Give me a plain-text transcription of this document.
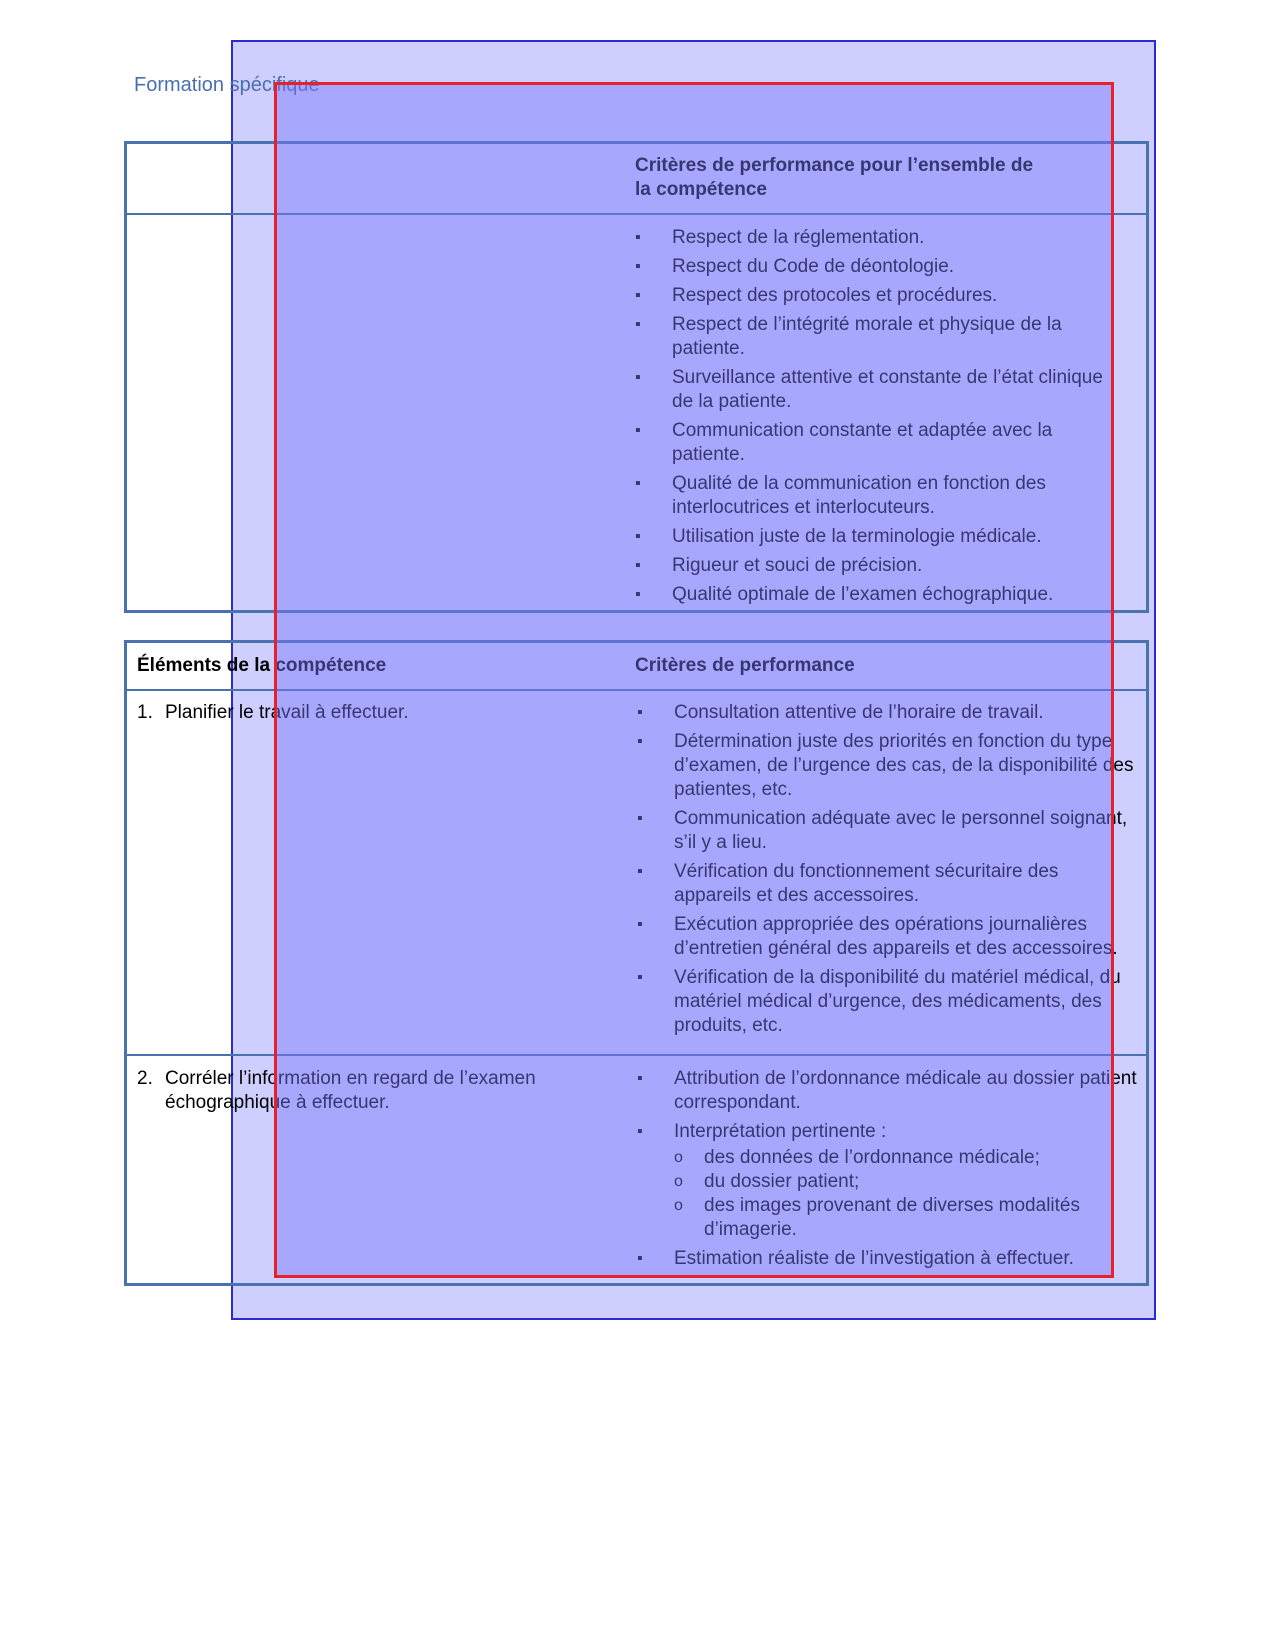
Formation spécifique
Critères de performance pour l’ensemble de la compétence
▪ Respect de la réglementation.
▪ Respect du Code de déontologie.
▪ Respect des protocoles et procédures.
▪ Respect de l’intégrité morale et physique de la patiente.
▪ Surveillance attentive et constante de l’état clinique de la patiente.
▪ Communication constante et adaptée avec la patiente.
▪ Qualité de la communication en fonction des interlocutrices et interlocuteurs.
▪ Utilisation juste de la terminologie médicale.
▪ Rigueur et souci de précision.
▪ Qualité optimale de l’examen échographique.
Éléments de la compétence	Critères de performance
1. Planifier le travail à effectuer.
▪	Consultation attentive de l’horaire de travail.
▪ Détermination juste des priorités en fonction du type d’examen, de l’urgence des cas, de la disponibilité des patientes, etc.
▪ Communication adéquate avec le personnel soignant, s’il y a lieu.
▪ Vérification du fonctionnement sécuritaire des appareils et des accessoires.
▪ Exécution appropriée des opérations journalières d’entretien général des appareils et des accessoires.
▪ Vérification de la disponibilité du matériel médical, du matériel médical d’urgence, des médicaments, des produits, etc.
2. Corréler l’information en regard de l’examen échographique à effectuer.
▪ Attribution de l’ordonnance médicale au dossier patient correspondant.
▪ Interprétation pertinente :
o des données de l’ordonnance médicale;
o du dossier patient;
o des images provenant de diverses modalités d’imagerie.
▪ Estimation réaliste de l’investigation à effectuer.
